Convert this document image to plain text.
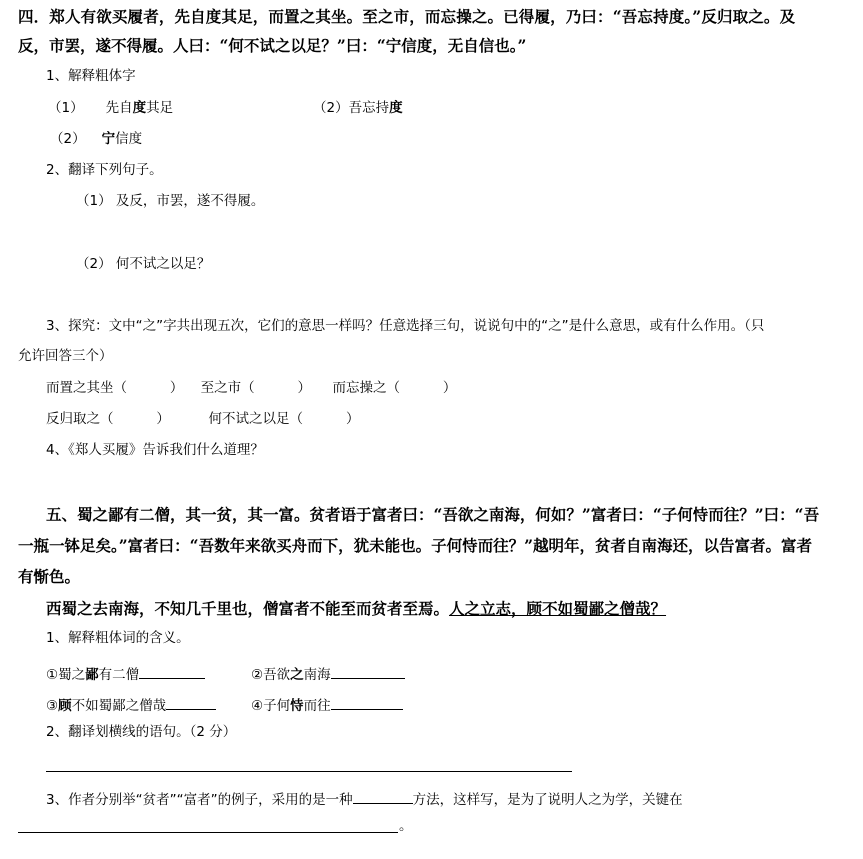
四．郑人有欲买履者，先自度其足，而置之其坐。至之市，而忘操之。已得履，乃曰：“吾忘持度。”反归取之。及
反，市罢，遂不得履。人曰：“何不试之以足？”曰：“宁信度，无自信也。”
1、解释粗体字
（1） 先自度其足	（2）吾忘持度
（2） 宁信度
2、翻译下列句子。
（1） 及反，市罢，遂不得履。
（2） 何不试之以足？
3、探究：文中“之”字共出现五次，它们的意思一样吗？任意选择三句，说说句中的“之”是什么意思，或有什么作用。（只
允许回答三个）
而置之其坐（          ）    至之市（          ）     而忘操之（          ）
反归取之（          ）         何不试之以足（          ）
4、《郑人买履》告诉我们什么道理？
五、蜀之鄙有二僧，其一贫，其一富。贫者语于富者曰：“吾欲之南海，何如？”富者曰：“子何恃而往？”曰：“吾
一瓶一钵足矣。”富者曰：“吾数年来欲买舟而下，犹未能也。子何恃而往？”越明年，贫者自南海还，以告富者。富者
有惭色。
西蜀之去南海，不知几千里也，僧富者不能至而贫者至焉。人之立志，顾不如蜀鄙之僧哉？
1、解释粗体词的含义。
①蜀之鄙有二僧	②吾欲之南海
③顾不如蜀鄙之僧哉	④子何恃而往
2、翻译划横线的语句。（2 分）
3、作者分别举“贫者”“富者”的例子，采用的是一种	方法，这样写，是为了说明人之为学，关键在
。
